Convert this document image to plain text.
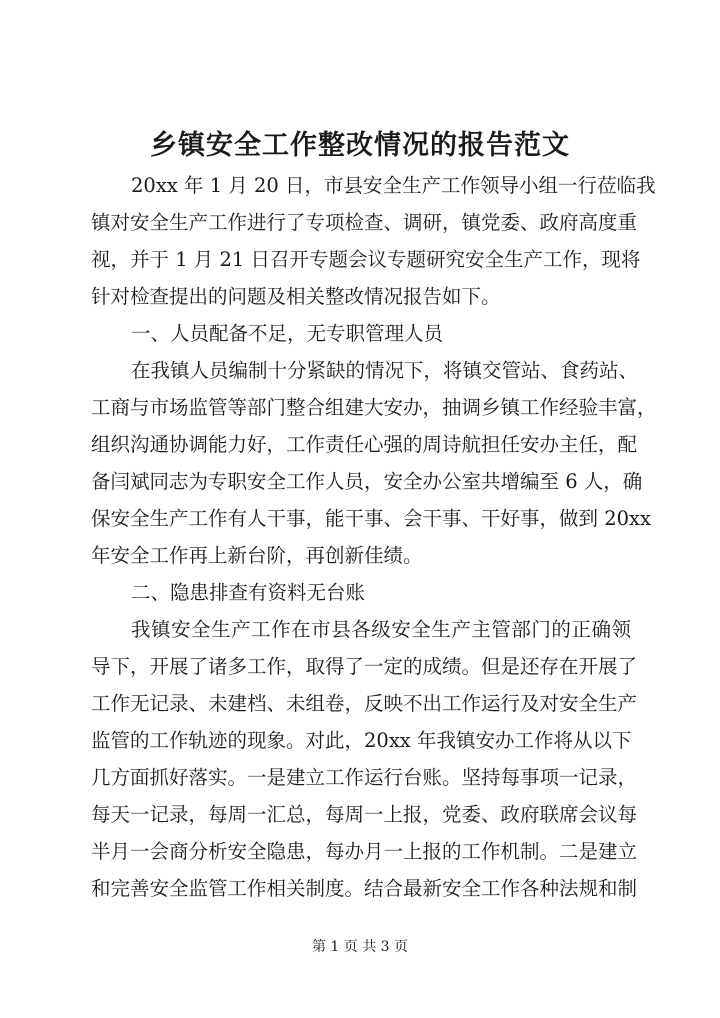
乡镇安全工作整改情况的报告范文
20xx 年 1 月 20 日，市县安全生产工作领导小组一行莅临我
镇对安全生产工作进行了专项检查、调研，镇党委、政府高度重
视，并于 1 月 21 日召开专题会议专题研究安全生产工作，现将
针对检查提出的问题及相关整改情况报告如下。
一、人员配备不足，无专职管理人员
在我镇人员编制十分紧缺的情况下，将镇交管站、食药站、
工商与市场监管等部门整合组建大安办，抽调乡镇工作经验丰富，
组织沟通协调能力好，工作责任心强的周诗航担任安办主任，配
备闫斌同志为专职安全工作人员，安全办公室共增编至 6 人，确
保安全生产工作有人干事，能干事、会干事、干好事，做到 20xx
年安全工作再上新台阶，再创新佳绩。
二、隐患排查有资料无台账
我镇安全生产工作在市县各级安全生产主管部门的正确领
导下，开展了诸多工作，取得了一定的成绩。但是还存在开展了
工作无记录、未建档、未组卷，反映不出工作运行及对安全生产
监管的工作轨迹的现象。对此，20xx 年我镇安办工作将从以下
几方面抓好落实。一是建立工作运行台账。坚持每事项一记录，
每天一记录，每周一汇总，每周一上报，党委、政府联席会议每
半月一会商分析安全隐患，每办月一上报的工作机制。二是建立
和完善安全监管工作相关制度。结合最新安全工作各种法规和制
第 1 页 共 3 页
